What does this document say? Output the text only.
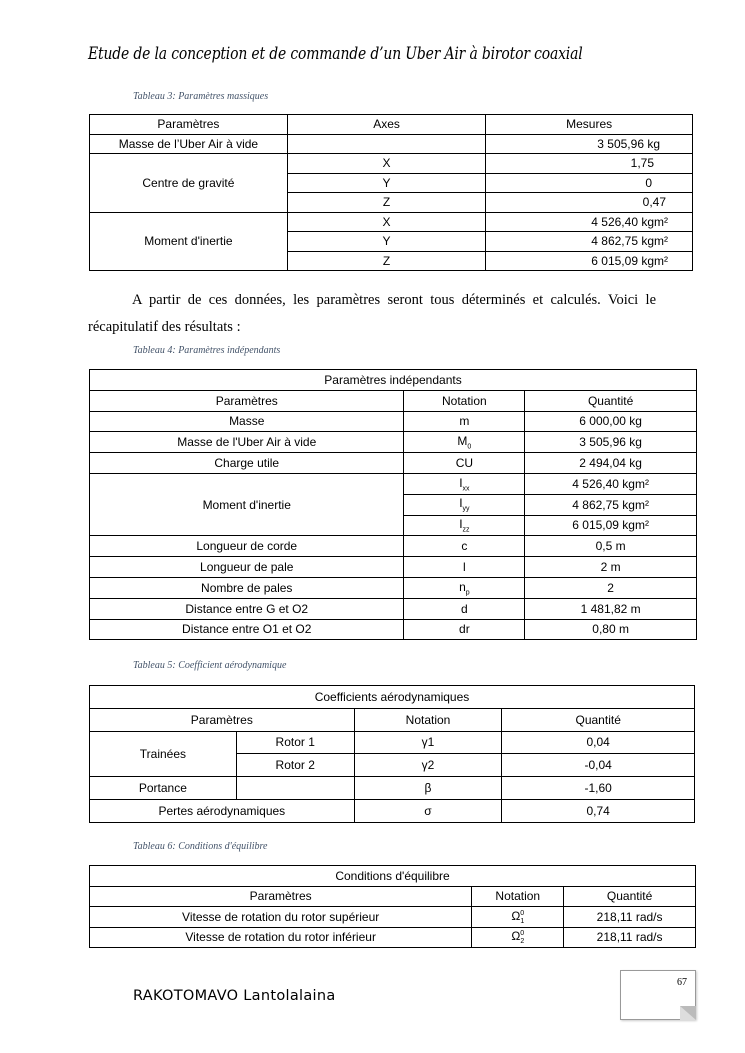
Etude de la conception et de commande d’un Uber Air à birotor coaxial
Tableau 3: Paramètres massiques
Paramètres	Axes	Mesures
Masse de l’Uber Air à vide		3 505,96 kg
Centre de gravité	X	1,75
	Y	0
	Z	0,47
Moment d'inertie	X	4 526,40 kgm²
	Y	4 862,75 kgm²
	Z	6 015,09 kgm²
A partir de ces données, les paramètres seront tous déterminés et calculés. Voici le récapitulatif des résultats :
Tableau 4: Paramètres indépendants
Paramètres indépendants		
Paramètres	Notation	Quantité
Masse	m	6 000,00 kg
Masse de l'Uber Air à vide	$M_0$	3 505,96 kg
Charge utile	CU	2 494,04 kg
Moment d'inertie	$I_{xx}$	4 526,40 kgm²
	$I_{yy}$	4 862,75 kgm²
	$I_{zz}$	6 015,09 kgm²
Longueur de corde	c	0,5 m
Longueur de pale	l	2 m
Nombre de pales	$n_p$	2
Distance entre G et O2	d	1 481,82 m
Distance entre O1 et O2	dr	0,80 m
Tableau 5: Coefficient aérodynamique
Coefficients aérodynamiques			
Paramètres		Notation	Quantité
Trainées	Rotor 1	γ1	0,04
	Rotor 2	γ2	-0,04
Portance		β	-1,60
Pertes aérodynamiques		σ	0,74
Tableau 6: Conditions d'équilibre
Conditions d'équilibre		
Paramètres	Notation	Quantité
Vitesse de rotation du rotor supérieur	$\Omega_1^0$	218,11 rad/s
Vitesse de rotation du rotor inférieur	$\Omega_2^0$	218,11 rad/s
67
RAKOTOMAVO Lantolalaina
